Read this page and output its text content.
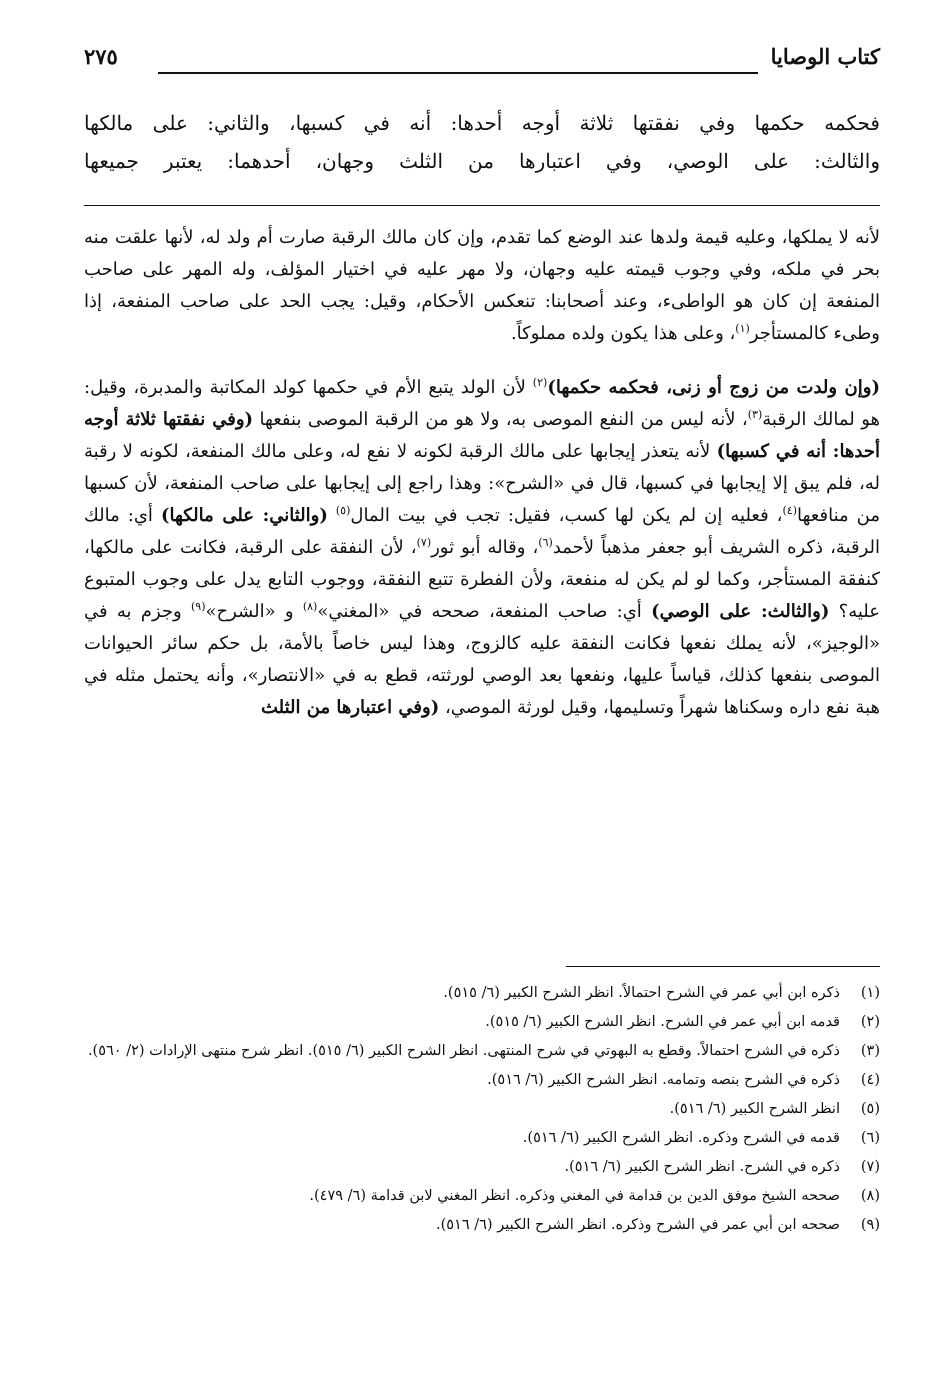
كتاب الوصايا
٢٧٥

فحكمه حكمها وفي نفقتها ثلاثة أوجه أحدها: أنه في كسبها، والثاني: على مالكها

والثالث: على الوصي، وفي اعتبارها من الثلث وجهان، أحدهما: يعتبر جميعها

لأنه لا يملكها، وعليه قيمة ولدها عند الوضع كما تقدم، وإن كان مالك الرقبة صارت أم ولد له، لأنها علقت منه بحر في ملكه، وفي وجوب قيمته عليه وجهان، ولا مهر عليه في اختيار المؤلف، وله المهر على صاحب المنفعة إن كان هو الواطىء، وعند أصحابنا: تنعكس الأحكام، وقيل: يجب الحد على صاحب المنفعة، إذا وطىء كالمستأجر$^{(١)}$، وعلى هذا يكون ولده مملوكاً.

(وإن ولدت من زوج أو زنى، فحكمه حكمها)$^{(٢)}$ لأن الولد يتبع الأم في حكمها كولد المكاتبة والمدبرة، وقيل: هو لمالك الرقبة$^{(٣)}$، لأنه ليس من النفع الموصى به، ولا هو من الرقبة الموصى بنفعها (وفي نفقتها ثلاثة أوجه أحدها: أنه في كسبها) لأنه يتعذر إيجابها على مالك الرقبة لكونه لا نفع له، وعلى مالك المنفعة، لكونه لا رقبة له، فلم يبق إلا إيجابها في كسبها، قال في «الشرح»: وهذا راجع إلى إيجابها على صاحب المنفعة، لأن كسبها من منافعها$^{(٤)}$، فعليه إن لم يكن لها كسب، فقيل: تجب في بيت المال$^{(٥)}$ (والثاني: على مالكها) أي: مالك الرقبة، ذكره الشريف أبو جعفر مذهباً لأحمد$^{(٦)}$، وقاله أبو ثور$^{(٧)}$، لأن النفقة على الرقبة، فكانت على مالكها، كنفقة المستأجر، وكما لو لم يكن له منفعة، ولأن الفطرة تتبع النفقة، ووجوب التابع يدل على وجوب المتبوع عليه؟ (والثالث: على الوصي) أي: صاحب المنفعة، صححه في «المغني»$^{(٨)}$ و «الشرح»$^{(٩)}$ وجزم به في «الوجيز»، لأنه يملك نفعها فكانت النفقة عليه كالزوج، وهذا ليس خاصاً بالأمة، بل حكم سائر الحيوانات الموصى بنفعها كذلك، قياساً عليها، ونفعها بعد الوصي لورثته، قطع به في «الانتصار»، وأنه يحتمل مثله في هبة نفع داره وسكناها شهراً وتسليمها، وقيل لورثة الموصي، (وفي اعتبارها من الثلث

(١)
ذكره ابن أبي عمر في الشرح احتمالاً. انظر الشرح الكبير (٦/ ٥١٥).
(٢)
قدمه ابن أبي عمر في الشرح. انظر الشرح الكبير (٦/ ٥١٥).
(٣)
ذكره في الشرح احتمالاً. وقطع به البهوتي في شرح المنتهى. انظر الشرح الكبير (٦/ ٥١٥). انظر شرح منتهى الإرادات (٢/ ٥٦٠).
(٤)
ذكره في الشرح بنصه وتمامه. انظر الشرح الكبير (٦/ ٥١٦).
(٥)
انظر الشرح الكبير (٦/ ٥١٦).
(٦)
قدمه في الشرح وذكره. انظر الشرح الكبير (٦/ ٥١٦).
(٧)
ذكره في الشرح. انظر الشرح الكبير (٦/ ٥١٦).
(٨)
صححه الشيخ موفق الدين بن قدامة في المغني وذكره. انظر المغني لابن قدامة (٦/ ٤٧٩).
(٩)
صححه ابن أبي عمر في الشرح وذكره. انظر الشرح الكبير (٦/ ٥١٦).
